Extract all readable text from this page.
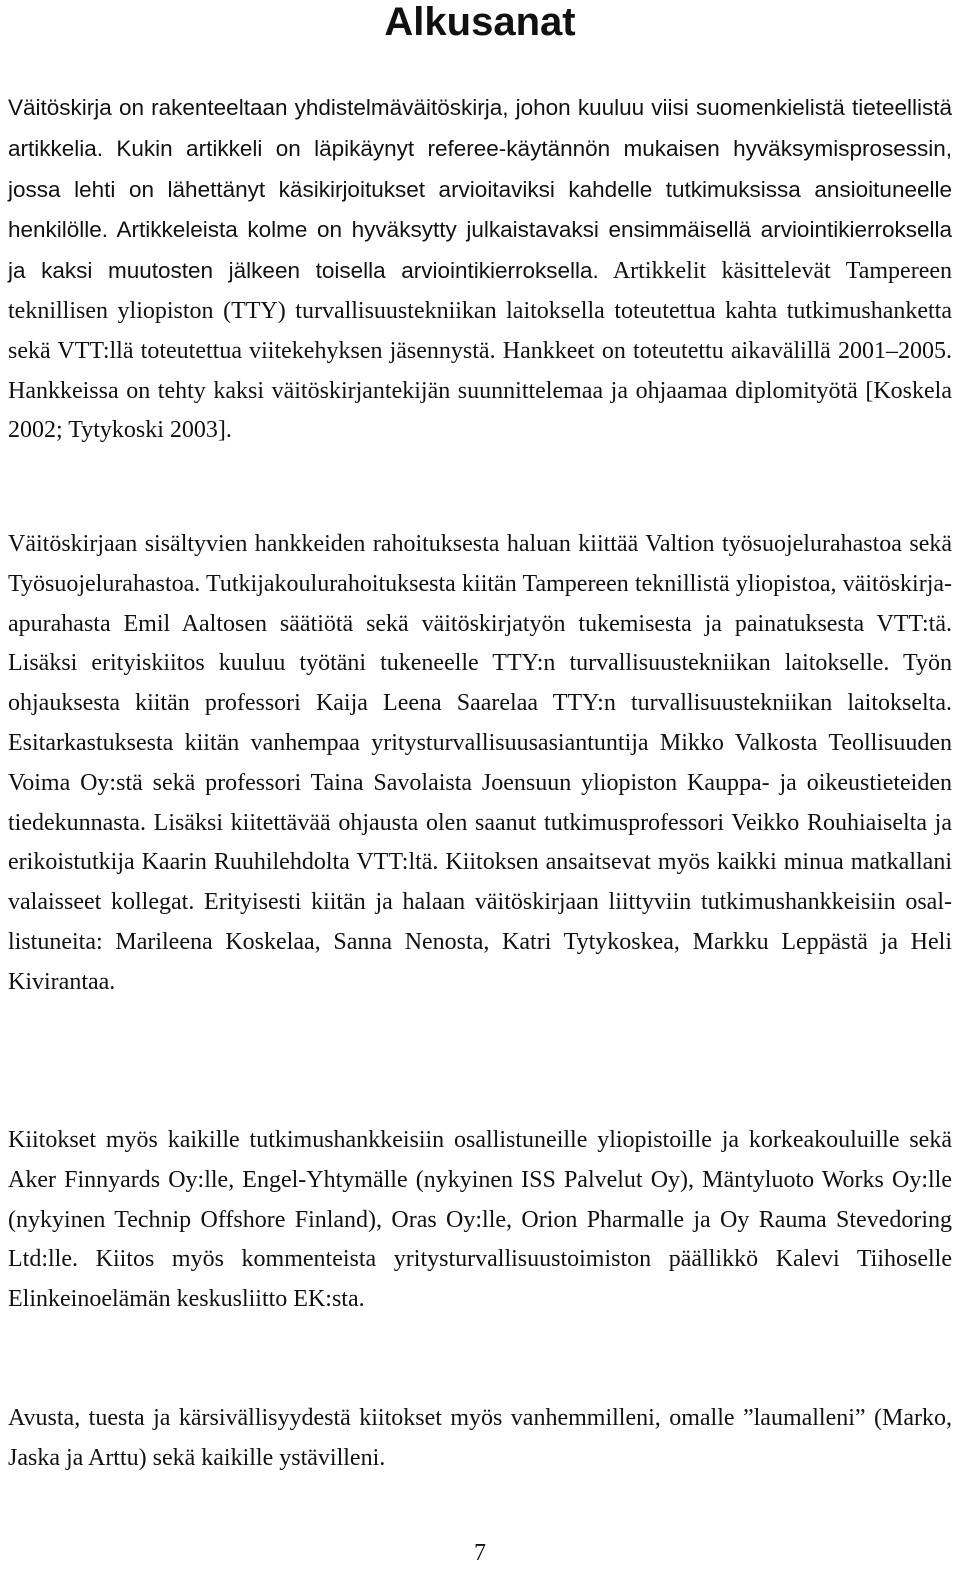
Alkusanat

Väitöskirja on rakenteeltaan yhdistelmäväitöskirja, johon kuuluu viisi suomenkielistä tieteellistä artikkelia. Kukin artikkeli on läpikäynyt referee-käytännön mukaisen hyväksymisprosessin, jossa lehti on lähettänyt käsikirjoitukset arvioitaviksi kahdelle tutkimuksissa ansioituneelle henkilölle. Artikkeleista kolme on hyväksytty julkaistavaksi ensimmäisellä arviointikierroksella ja kaksi muutosten jälkeen toisella arviointikierroksella. Artikkelit käsittelevät Tampereen teknillisen yliopiston (TTY) turvallisuustekniikan laitoksella toteutettua kahta tutkimushanketta sekä VTT:llä toteutettua viitekehyksen jäsennystä. Hankkeet on toteutettu aikavälillä 2001–2005. Hankkeissa on tehty kaksi väitöskirjantekijän suunnittelemaa ja ohjaamaa diplomityötä [Koskela 2002; Tytykoski 2003].

Väitöskirjaan sisältyvien hankkeiden rahoituksesta haluan kiittää Valtion työsuojelurahastoa sekä Työsuojelurahastoa. Tutkijakoulurahoituksesta kiitän Tampereen teknillistä yliopistoa, väitöskirja-apurahasta Emil Aaltosen säätiötä sekä väitöskirjatyön tukemisesta ja painatuksesta VTT:tä. Lisäksi erityiskiitos kuuluu työtäni tukeneelle TTY:n turvallisuustekniikan laitokselle. Työn ohjauksesta kiitän professori Kaija Leena Saarelaa TTY:n turvallisuustekniikan laitokselta. Esitarkastuksesta kiitän vanhempaa yritysturvallisuusasiantuntija Mikko Valkosta Teollisuuden Voima Oy:stä sekä professori Taina Savolaista Joensuun yliopiston Kauppa- ja oikeustieteiden tiedekunnasta. Lisäksi kiitettävää ohjausta olen saanut tutkimusprofessori Veikko Rouhiaiselta ja erikoistutkija Kaarin Ruuhilehdolta VTT:ltä. Kiitoksen ansaitsevat myös kaikki minua matkallani valaisseet kollegat. Erityisesti kiitän ja halaan väitöskirjaan liittyviin tutkimushankkeisiin osallistuneita: Marileena Koskelaa, Sanna Nenosta, Katri Tytykoskea, Markku Leppästä ja Heli Kivirantaa.

Kiitokset myös kaikille tutkimushankkeisiin osallistuneille yliopistoille ja korkeakouluille sekä Aker Finnyards Oy:lle, Engel-Yhtymälle (nykyinen ISS Palvelut Oy), Mäntyluoto Works Oy:lle (nykyinen Technip Offshore Finland), Oras Oy:lle, Orion Pharmalle ja Oy Rauma Stevedoring Ltd:lle. Kiitos myös kommenteista yritysturvallisuustoimiston päällikkö Kalevi Tiihoselle Elinkeinoelämän keskusliitto EK:sta.

Avusta, tuesta ja kärsivällisyydestä kiitokset myös vanhemmilleni, omalle ”laumalleni” (Marko, Jaska ja Arttu) sekä kaikille ystävilleni.

7
